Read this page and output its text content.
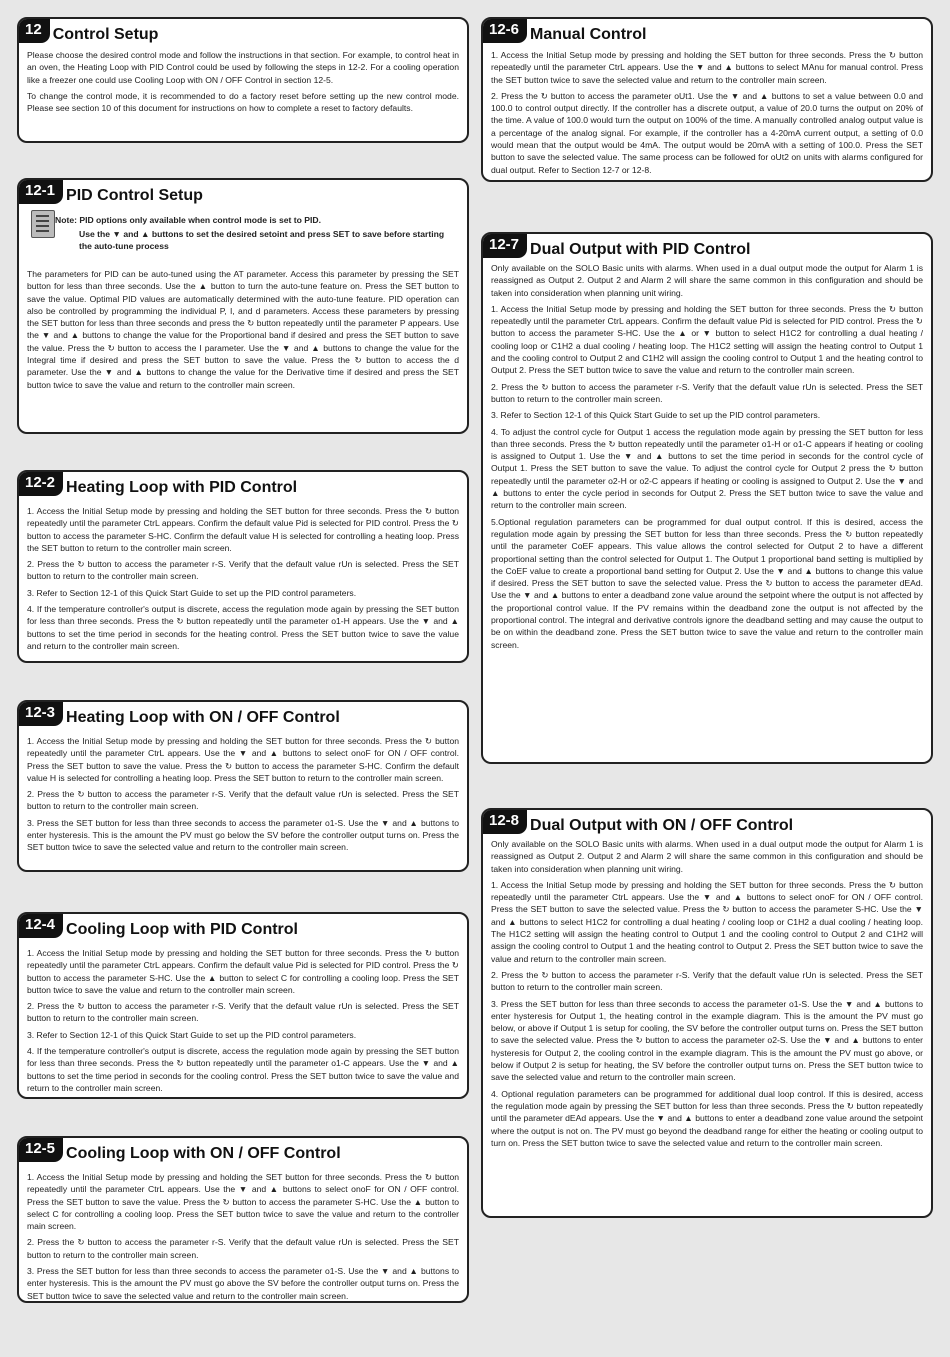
12 Control Setup

Please choose the desired control mode and follow the instructions in that section. For example, to control heat in an oven, the Heating Loop with PID Control could be used by following the steps in 12-2. For a cooling operation like a freezer one could use Cooling Loop with ON / OFF Control in section 12-5.

To change the control mode, it is recommended to do a factory reset before setting up the new control mode. Please see section 10 of this document for instructions on how to complete a reset to factory defaults.

12-1 PID Control Setup
Note: PID options only available when control mode is set to PID.
Use the ▼ and ▲ buttons to set the desired setoint and press SET to save before starting the auto-tune process

The parameters for PID can be auto-tuned using the AT parameter. Access this parameter by pressing the SET button for less than three seconds. Use the ▲ button to turn the auto-tune feature on. Press the SET button to save the value. Optimal PID values are automatically determined with the auto-tune feature. PID operation can also be controlled by programming the individual P, I, and d parameters. Access these parameters by pressing the SET button for less than three seconds and press the ↻ button repeatedly until the parameter P appears. Use the ▼ and ▲ buttons to change the value for the Proportional band if desired and press the SET button to save the value. Press the ↻ button to access the I parameter. Use the ▼ and ▲ buttons to change the value for the Integral time if desired and press the SET button to save the value. Press the ↻ button to access the d parameter. Use the ▼ and ▲ buttons to change the value for the Derivative time if desired and press the SET button twice to save the value and return to the controller main screen.

12-2 Heating Loop with PID Control

1. Access the Initial Setup mode by pressing and holding the SET button for three seconds. Press the ↻ button repeatedly until the parameter CtrL appears. Confirm the default value Pid is selected for PID control. Press the ↻ button to access the parameter S-HC. Confirm the default value H is selected for controlling a heating loop. Press the SET button to return to the controller main screen.

2. Press the ↻ button to access the parameter r-S. Verify that the default value rUn is selected. Press the SET button to return to the controller main screen.

3. Refer to Section 12-1 of this Quick Start Guide to set up the PID control parameters.

4. If the temperature controller's output is discrete, access the regulation mode again by pressing the SET button for less than three seconds. Press the ↻ button repeatedly until the parameter o1-H appears. Use the ▼ and ▲ buttons to set the time period in seconds for the heating control. Press the SET button twice to save the value and return to the controller main screen.

12-3 Heating Loop with ON / OFF Control

1. Access the Initial Setup mode by pressing and holding the SET button for three seconds. Press the ↻ button repeatedly until the parameter CtrL appears. Use the ▼ and ▲ buttons to select onoF for ON / OFF control. Press the SET button to save the value. Press the ↻ button to access the parameter S-HC. Confirm the default value H is selected for controlling a heating loop. Press the SET button to return to the controller main screen.

2. Press the ↻ button to access the parameter r-S. Verify that the default value rUn is selected. Press the SET button to return to the controller main screen.

3. Press the SET button for less than three seconds to access the parameter o1-S. Use the ▼ and ▲ buttons to enter hysteresis. This is the amount the PV must go below the SV before the controller output turns on. Press the SET button twice to save the selected value and return to the controller main screen.

12-4 Cooling Loop with PID Control

1. Access the Initial Setup mode by pressing and holding the SET button for three seconds. Press the ↻ button repeatedly until the parameter CtrL appears. Confirm the default value Pid is selected for PID control. Press the ↻ button to access the parameter S-HC. Use the ▲ button to select C for controlling a cooling loop. Press the SET button twice to save the value and return to the controller main screen.

2. Press the ↻ button to access the parameter r-S. Verify that the default value rUn is selected. Press the SET button to return to the controller main screen.

3. Refer to Section 12-1 of this Quick Start Guide to set up the PID control parameters.

4. If the temperature controller's output is discrete, access the regulation mode again by pressing the SET button for less than three seconds. Press the ↻ button repeatedly until the parameter o1-C appears. Use the ▼ and ▲ buttons to set the time period in seconds for the cooling control. Press the SET button twice to save the value and return to the controller main screen.

12-5 Cooling Loop with ON / OFF Control

1. Access the Initial Setup mode by pressing and holding the SET button for three seconds. Press the ↻ button repeatedly until the parameter CtrL appears. Use the ▼ and ▲ buttons to select onoF for ON / OFF control. Press the SET button to save the value. Press the ↻ button to access the parameter S-HC. Use the ▲ button to select C for controlling a cooling loop. Press the SET button twice to save the value and return to the controller main screen.

2. Press the ↻ button to access the parameter r-S. Verify that the default value rUn is selected. Press the SET button to return to the controller main screen.

3. Press the SET button for less than three seconds to access the parameter o1-S. Use the ▼ and ▲ buttons to enter hysteresis. This is the amount the PV must go above the SV before the controller output turns on. Press the SET button twice to save the selected value and return to the controller main screen.

12-6 Manual Control

1. Access the Initial Setup mode by pressing and holding the SET button for three seconds. Press the ↻ button repeatedly until the parameter CtrL appears. Use the ▼ and ▲ buttons to select MAnu for manual control. Press the SET button twice to save the selected value and return to the controller main screen.

2. Press the ↻ button to access the parameter oUt1. Use the ▼ and ▲ buttons to set a value between 0.0 and 100.0 to control output directly. If the controller has a discrete output, a value of 20.0 turns the output on 20% of the time. A value of 100.0 would turn the output on 100% of the time. A manually controlled analog output value is a percentage of the analog signal. For example, if the controller has a 4-20mA current output, a setting of 0.0 would mean that the output would be 4mA. The output would be 20mA with a setting of 100.0. Press the SET button to save the selected value. The same process can be followed for oUt2 on units with alarms configured for dual output. Refer to Section 12-7 or 12-8.

12-7 Dual Output with PID Control

Only available on the SOLO Basic units with alarms. When used in a dual output mode the output for Alarm 1 is reassigned as Output 2. Output 2 and Alarm 2 will share the same common in this configuration and should be taken into consideration when planning unit wiring.

1. Access the Initial Setup mode by pressing and holding the SET button for three seconds. Press the ↻ button repeatedly until the parameter CtrL appears. Confirm the default value Pid is selected for PID control. Press the ↻ button to access the parameter S-HC. Use the ▲ or ▼ button to select H1C2 for controlling a dual heating / cooling loop or C1H2 a dual cooling / heating loop. The H1C2 setting will assign the heating control to Output 1 and the cooling control to Output 2 and C1H2 will assign the cooling control to Output 1 and the heating control to Output 2. Press the SET button twice to save the value and return to the controller main screen.

2. Press the ↻ button to access the parameter r-S. Verify that the default value rUn is selected. Press the SET button to return to the controller main screen.

3. Refer to Section 12-1 of this Quick Start Guide to set up the PID control parameters.

4. To adjust the control cycle for Output 1 access the regulation mode again by pressing the SET button for less than three seconds. Press the ↻ button repeatedly until the parameter o1-H or o1-C appears if heating or cooling is assigned to Output 1. Use the ▼ and ▲ buttons to set the time period in seconds for the control cycle of Output 1. Press the SET button to save the value. To adjust the control cycle for Output 2 press the ↻ button repeatedly until the parameter o2-H or o2-C appears if heating or cooling is assigned to Output 2. Use the ▼ and ▲ buttons to enter the cycle period in seconds for Output 2. Press the SET button twice to save the value and return to the controller main screen.

5.Optional regulation parameters can be programmed for dual output control. If this is desired, access the regulation mode again by pressing the SET button for less than three seconds. Press the ↻ button repeatedly until the parameter CoEF appears. This value allows the control selected for Output 2 to have a different proportional setting than the control selected for Output 1. The Output 1 proportional band setting is multiplied by the CoEF value to create a proportional band setting for Output 2. Use the ▼ and ▲ buttons to change this value if desired. Press the SET button to save the selected value. Press the ↻ button to access the parameter dEAd. Use the ▼ and ▲ buttons to enter a deadband zone value around the setpoint where the output is not affected by the proportional control value. If the PV remains within the deadband zone the output is not affected by the proportional control. The integral and derivative controls ignore the deadband setting and may cause the output to be on within the deadband zone. Press the SET button twice to save the value and return to the controller main screen.

12-8 Dual Output with ON / OFF Control

Only available on the SOLO Basic units with alarms. When used in a dual output mode the output for Alarm 1 is reassigned as Output 2. Output 2 and Alarm 2 will share the same common in this configuration and should be taken into consideration when planning unit wiring.

1. Access the Initial Setup mode by pressing and holding the SET button for three seconds. Press the ↻ button repeatedly until the parameter CtrL appears. Use the ▼ and ▲ buttons to select onoF for ON / OFF control. Press the SET button to save the selected value. Press the ↻ button to access the parameter S-HC. Use the ▼ and ▲ buttons to select H1C2 for controlling a dual heating / cooling loop or C1H2 a dual cooling / heating loop. The H1C2 setting will assign the heating control to Output 1 and the cooling control to Output 2 and C1H2 will assign the cooling control to Output 1 and the heating control to Output 2. Press the SET button twice to save the value and return to the controller main screen.

2. Press the ↻ button to access the parameter r-S. Verify that the default value rUn is selected. Press the SET button to return to the controller main screen.

3. Press the SET button for less than three seconds to access the parameter o1-S. Use the ▼ and ▲ buttons to enter hysteresis for Output 1, the heating control in the example diagram. This is the amount the PV must go below, or above if Output 1 is setup for cooling, the SV before the controller output turns on. Press the SET button to save the selected value. Press the ↻ button to access the parameter o2-S. Use the ▼ and ▲ buttons to enter hysteresis for Output 2, the cooling control in the example diagram. This is the amount the PV must go above, or below if Output 2 is setup for heating, the SV before the controller output turns on. Press the SET button twice to save the selected value and return to the controller main screen.

4. Optional regulation parameters can be programmed for additional dual loop control. If this is desired, access the regulation mode again by pressing the SET button for less than three seconds. Press the ↻ button repeatedly until the parameter dEAd appears. Use the ▼ and ▲ buttons to enter a deadband zone value around the setpoint where the output is not on. The PV must go beyond the deadband range for either the heating or cooling output to turn on. Press the SET button twice to save the selected value and return to the controller main screen.
